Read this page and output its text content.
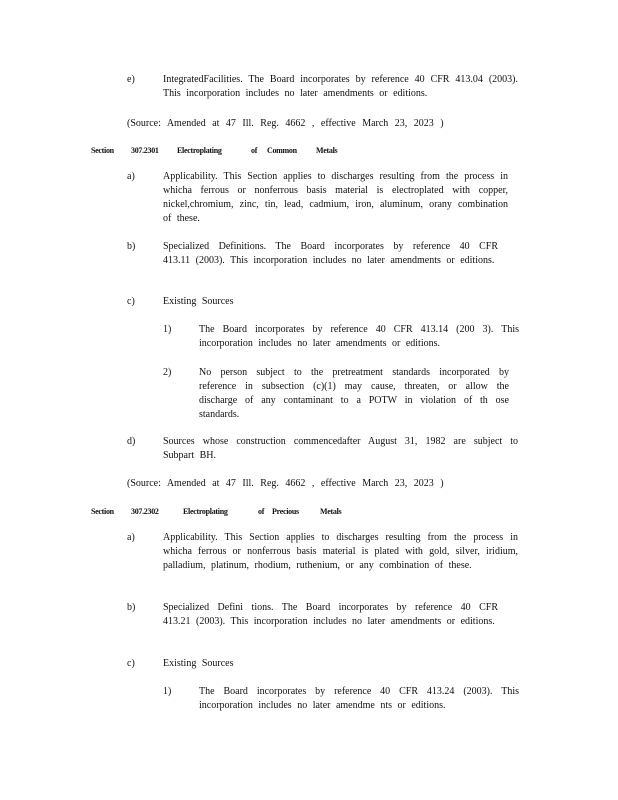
e)	IntegratedFacilities. The Board incorporates by reference 40 CFR 413.04 (2003). This incorporation includes no later amendments or editions.
(Source: Amended at 47 Ill. Reg. 4662 , effective March 23, 2023 )
Section 307.2301 Electroplating	of Common Metals
a)	Applicability. This Section applies to discharges resulting from the process in whicha ferrous or nonferrous basis material is electroplated with copper, nickel,chromium, zinc, tin, lead, cadmium, iron, aluminum, orany combination of these.
b)	Specialized Definitions. The Board incorporates by reference 40 CFR 413.11 (2003). This incorporation includes no later amendments or editions.
c)	Existing Sources
1)	The Board incorporates by reference 40 CFR 413.14 (200 3). This incorporation includes no later amendments or editions.
2)	No person subject to the pretreatment standards incorporated by reference in subsection (c)(1) may cause, threaten, or allow the discharge of any contaminant to a POTW in violation of th ose standards.
d)	Sources whose construction commencedafter August 31, 1982 are subject to Subpart BH.
(Source: Amended at 47 Ill. Reg. 4662 , effective March 23, 2023 )
Section 307.2302	Electroplating	of Precious	Metals
a)	Applicability. This Section applies to discharges resulting from the process in whicha ferrous or nonferrous basis material is plated with gold, silver, iridium, palladium, platinum, rhodium, ruthenium, or any combination of these.
b)	Specialized Defini tions. The Board incorporates by reference 40 CFR 413.21 (2003). This incorporation includes no later amendments or editions.
c)	Existing Sources
1)	The Board incorporates by reference 40 CFR 413.24 (2003). This incorporation includes no later amendme nts or editions.
